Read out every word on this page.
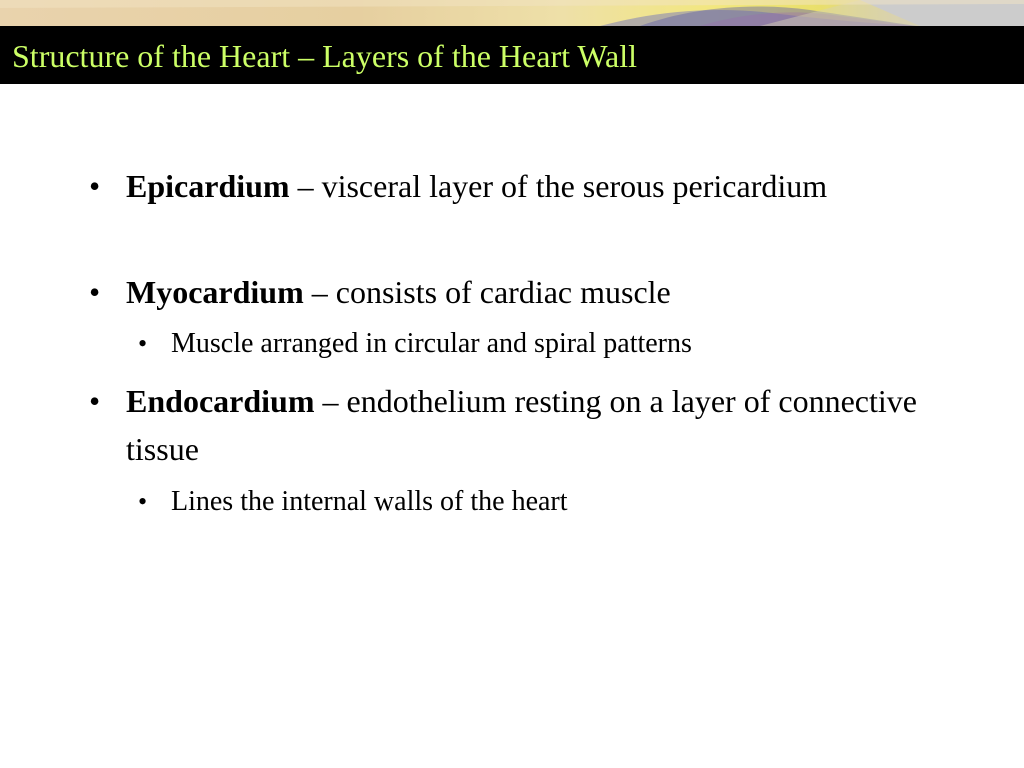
Structure of the Heart – Layers of the Heart Wall
• Epicardium – visceral layer of the serous pericardium
• Myocardium – consists of cardiac muscle
• Muscle arranged in circular and spiral patterns
• Endocardium – endothelium resting on a layer of connective tissue
• Lines the internal walls of the heart
